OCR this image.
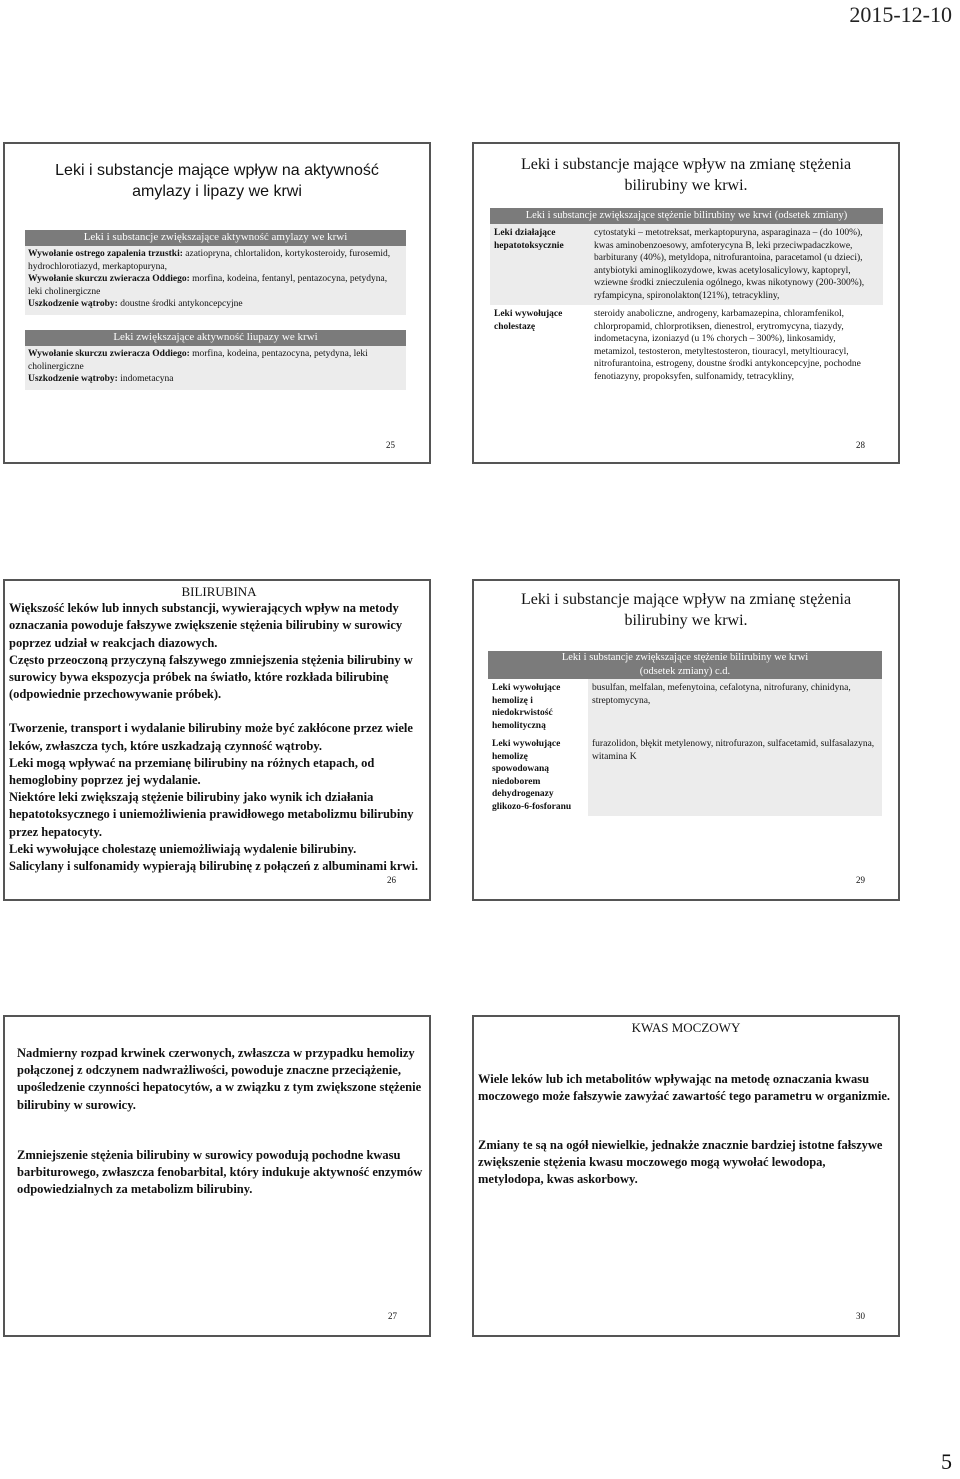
2015-12-10
Leki i substancje mające wpływ na aktywność amylazy i lipazy we krwi
Leki i substancje zwiększające aktywność amylazy we krwi
Wywołanie ostrego zapalenia trzustki: azatiopryna, chlortalidon, kortykosteroidy, furosemid, hydrochlorotiazyd, merkaptopuryna,
Wywołanie skurczu zwieracza Oddiego: morfina, kodeina, fentanyl, pentazocyna, petydyna, leki cholinergiczne
Uszkodzenie wątroby: doustne środki antykoncepcyjne
Leki zwiększające aktywność liupazy we krwi
Wywołanie skurczu zwieracza Oddiego: morfina, kodeina, pentazocyna, petydyna, leki cholinergiczne
Uszkodzenie wątroby: indometacyna
25
Leki i substancje mające wpływ na zmianę stężenia bilirubiny we krwi.
Leki i substancje zwiększające stężenie bilirubiny we krwi (odsetek zmiany)
Leki działające hepatotoksycznie	cytostatyki – metotreksat, merkaptopuryna, asparaginaza – (do 100%), kwas aminobenzoesowy, amfoterycyna B, leki przeciwpadaczkowe, barbiturany (40%), metyldopa, nitrofurantoina, paracetamol (u dzieci), antybiotyki aminoglikozydowe, kwas acetylosalicylowy, kaptopryl, wziewne środki znieczulenia ogólnego, kwas nikotynowy (200-300%), ryfampicyna, spironolakton(121%), tetracykliny,
Leki wywołujące cholestazę	steroidy anaboliczne, androgeny, karbamazepina, chloramfenikol, chlorpropamid, chlorprotiksen, dienestrol, erytromycyna, tiazydy, indometacyna, izoniazyd (u 1% chorych – 300%), linkosamidy, metamizol, testosteron, metyltestosteron, tiouracyl, metyltiouracyl, nitrofurantoina, estrogeny, doustne środki antykoncepcyjne, pochodne fenotiazyny, propoksyfen, sulfonamidy, tetracykliny,
28
BILIRUBINA
Większość leków lub innych substancji, wywierających wpływ na metody oznaczania powoduje fałszywe zwiększenie stężenia bilirubiny w surowicy poprzez udział w reakcjach diazowych.
Często przeoczoną przyczyną fałszywego zmniejszenia stężenia bilirubiny w surowicy bywa ekspozycja próbek na światło, które rozkłada bilirubinę (odpowiednie przechowywanie próbek).
Tworzenie, transport i wydalanie bilirubiny może być zakłócone przez wiele leków, zwłaszcza tych, które uszkadzają czynność wątroby.
Leki mogą wpływać na przemianę bilirubiny na różnych etapach, od hemoglobiny poprzez jej wydalanie.
Niektóre leki zwiększają stężenie bilirubiny jako wynik ich działania hepatotoksycznego i uniemożliwienia prawidłowego metabolizmu bilirubiny przez hepatocyty.
Leki wywołujące cholestazę uniemożliwiają wydalenie bilirubiny.
Salicylany i sulfonamidy wypierają bilirubinę z połączeń z albuminami krwi.
26
Leki i substancje mające wpływ na zmianę stężenia bilirubiny we krwi.
Leki i substancje zwiększające stężenie bilirubiny we krwi (odsetek zmiany) c.d.
Leki wywołujące hemolizę i niedokrwistość hemolityczną	busulfan, melfalan, mefenytoina, cefalotyna, nitrofurany, chinidyna, streptomycyna,
Leki wywołujące hemolizę spowodowaną niedoborem dehydrogenazy glikozo-6-fosforanu	furazolidon, błękit metylenowy, nitrofurazon, sulfacetamid, sulfasalazyna, witamina K
29
Nadmierny rozpad krwinek czerwonych, zwłaszcza w przypadku hemolizy połączonej z odczynem nadwrażliwości, powoduje znaczne przeciążenie, upośledzenie czynności hepatocytów, a w związku z tym zwiększone stężenie bilirubiny w surowicy.
Zmniejszenie stężenia bilirubiny w surowicy powodują pochodne kwasu barbiturowego, zwłaszcza fenobarbital, który indukuje aktywność enzymów odpowiedzialnych za metabolizm bilirubiny.
27
KWAS MOCZOWY
Wiele leków lub ich metabolitów wpływając na metodę oznaczania kwasu moczowego może fałszywie zawyżać zawartość tego parametru w organizmie.
Zmiany te są na ogół niewielkie, jednakże znacznie bardziej istotne fałszywe zwiększenie stężenia kwasu moczowego mogą wywołać lewodopa, metylodopa, kwas askorbowy.
30
5
